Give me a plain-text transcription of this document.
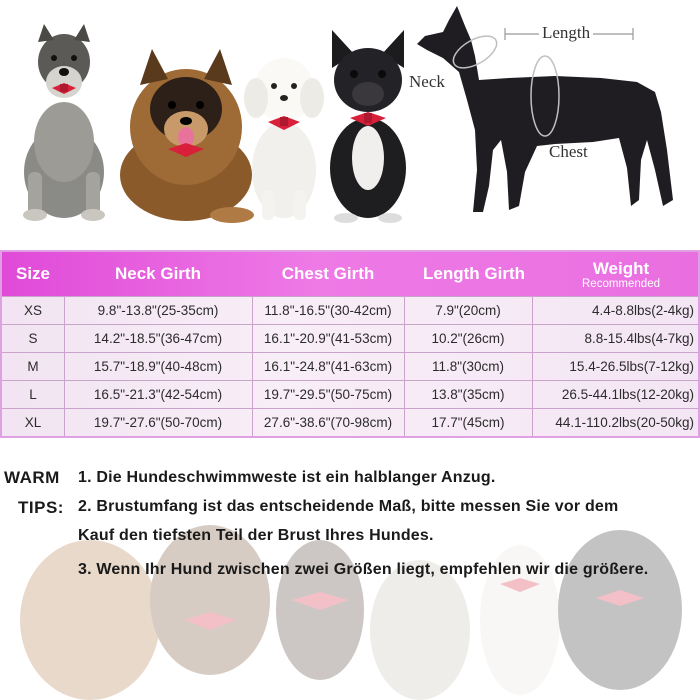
Length
Neck
Chest
Size	Neck Girth	Chest Girth	Length Girth	Weight
Recommended
XS	9.8"-13.8"(25-35cm)	11.8"-16.5"(30-42cm)	7.9"(20cm)	4.4-8.8lbs(2-4kg)
S	14.2"-18.5"(36-47cm)	16.1"-20.9"(41-53cm)	10.2"(26cm)	8.8-15.4lbs(4-7kg)
M	15.7"-18.9"(40-48cm)	16.1"-24.8"(41-63cm)	11.8"(30cm)	15.4-26.5lbs(7-12kg)
L	16.5"-21.3"(42-54cm)	19.7"-29.5"(50-75cm)	13.8"(35cm)	26.5-44.1lbs(12-20kg)
XL	19.7"-27.6"(50-70cm)	27.6"-38.6"(70-98cm)	17.7"(45cm)	44.1-110.2lbs(20-50kg)
WARM
TIPS:
1. Die Hundeschwimmweste ist ein halblanger Anzug.
2. Brustumfang ist das entscheidende Maß, bitte messen Sie vor dem
Kauf den tiefsten Teil der Brust Ihres Hundes.
3. Wenn Ihr Hund zwischen zwei Größen liegt, empfehlen wir die größere.
